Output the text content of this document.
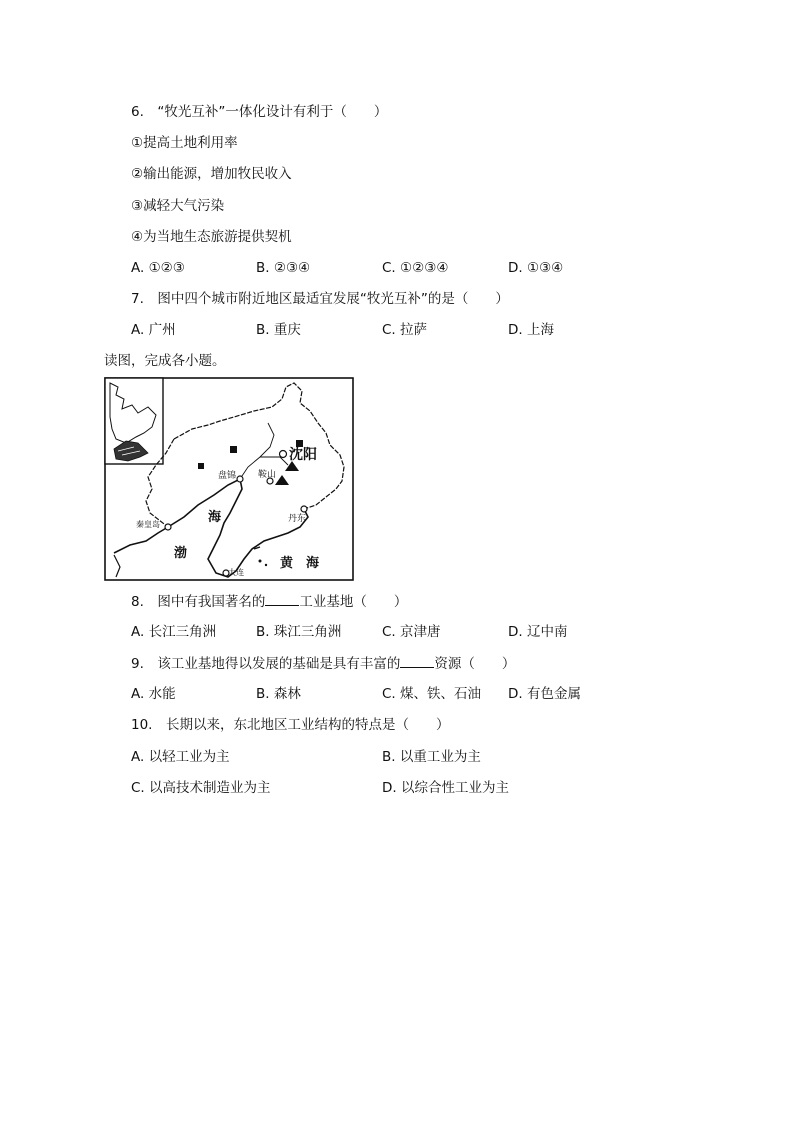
6.　“牧光互补”一体化设计有利于（　　）
①提高土地利用率
②输出能源，增加牧民收入
③减轻大气污染
④为当地生态旅游提供契机
A. ①②③	B. ②③④	C. ①②③④	D. ①③④
7.　图中四个城市附近地区最适宜发展“牧光互补”的是（　　）
A. 广州	B. 重庆	C. 拉萨	D. 上海
读图，完成各小题。
沈阳
盘锦 鞍山
丹东
秦皇岛
大连
渤
海
黄 海
8.　图中有我国著名的	工业基地（　　）
A. 长江三角洲	B. 珠江三角洲	C. 京津唐	D. 辽中南
9.　该工业基地得以发展的基础是具有丰富的	资源（　　）
A. 水能	B. 森林	C. 煤、铁、石油 D. 有色金属
10.　长期以来，东北地区工业结构的特点是（　　）
A. 以轻工业为主	B. 以重工业为主
C. 以高技术制造业为主	D. 以综合性工业为主
